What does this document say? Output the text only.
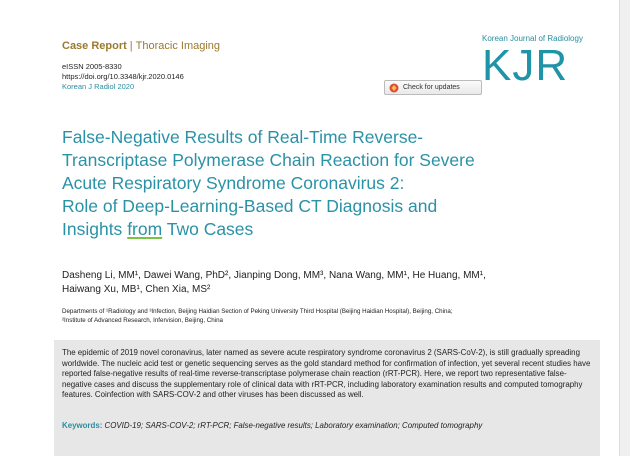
Case Report | Thoracic Imaging
eISSN 2005-8330
https://doi.org/10.3348/kjr.2020.0146
Korean J Radiol 2020	Check for updates
Korean Journal of Radiology
KJR
False-Negative Results of Real-Time Reverse-
Transcriptase Polymerase Chain Reaction for Severe
Acute Respiratory Syndrome Coronavirus 2:
Role of Deep-Learning-Based CT Diagnosis and
Insights from Two Cases
Dasheng Li, MM¹, Dawei Wang, PhD², Jianping Dong, MM³, Nana Wang, MM¹, He Huang, MM¹,
Haiwang Xu, MB¹, Chen Xia, MS²
Departments of ¹Radiology and ³Infection, Beijing Haidian Section of Peking University Third Hospital (Beijing Haidian Hospital), Beijing, China;
²Institute of Advanced Research, Infervision, Beijing, China
The epidemic of 2019 novel coronavirus, later named as severe acute respiratory syndrome coronavirus 2 (SARS-CoV-2), is still gradually spreading worldwide. The nucleic acid test or genetic sequencing serves as the gold standard method for confirmation of infection, yet several recent studies have reported false-negative results of real-time reverse-transcriptase polymerase chain reaction (rRT-PCR). Here, we report two representative false-negative cases and discuss the supplementary role of clinical data with rRT-PCR, including laboratory examination results and computed tomography features. Coinfection with SARS-COV-2 and other viruses has been discussed as well.
Keywords: COVID-19; SARS-COV-2; rRT-PCR; False-negative results; Laboratory examination; Computed tomography
